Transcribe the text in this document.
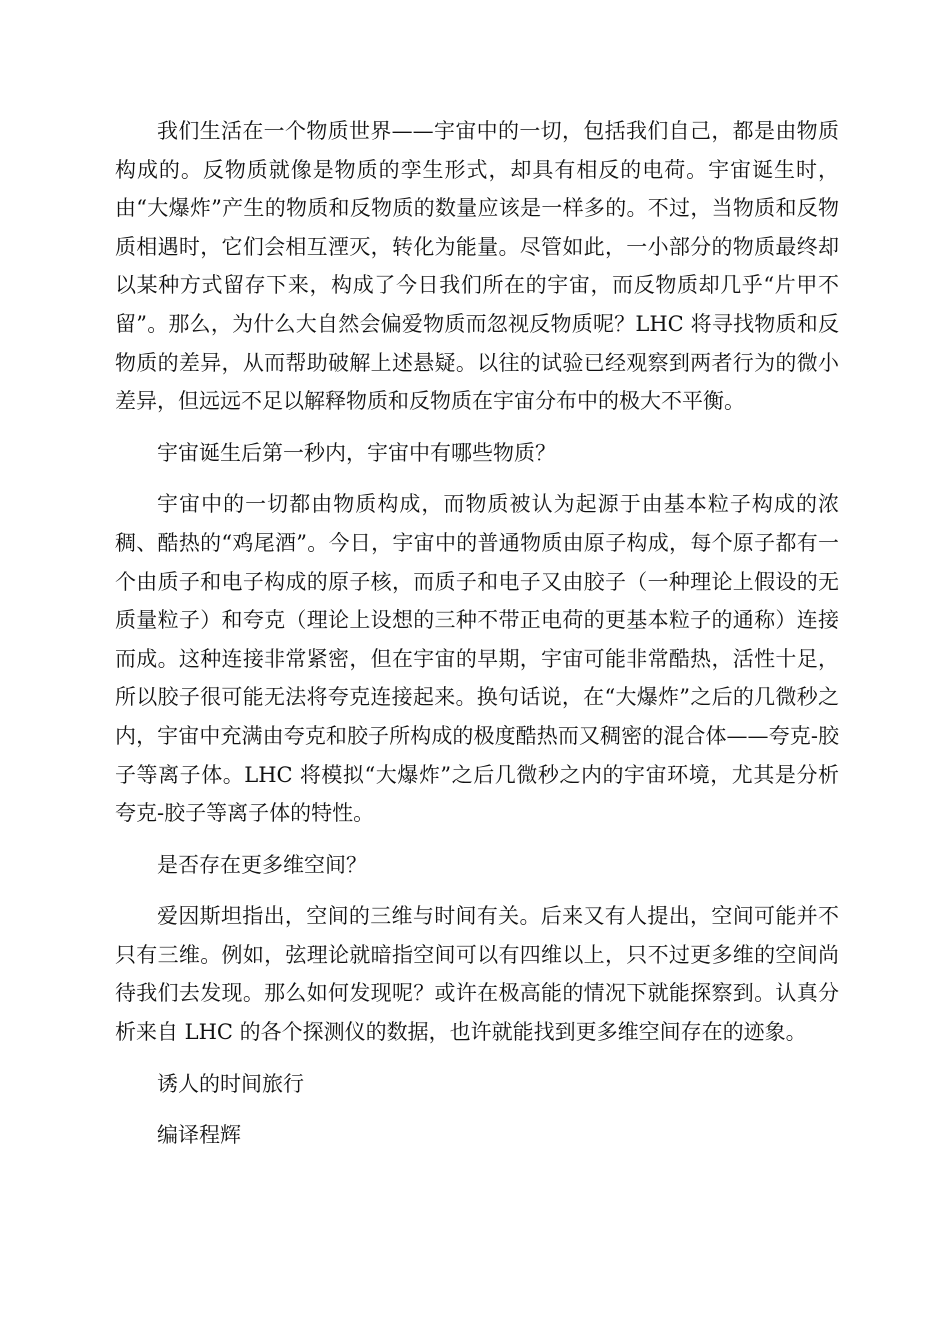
我们生活在一个物质世界——宇宙中的一切，包括我们自己，都是由物质构成的。反物质就像是物质的孪生形式，却具有相反的电荷。宇宙诞生时，由“大爆炸”产生的物质和反物质的数量应该是一样多的。不过，当物质和反物质相遇时，它们会相互湮灭，转化为能量。尽管如此，一小部分的物质最终却以某种方式留存下来，构成了今日我们所在的宇宙，而反物质却几乎“片甲不留”。那么，为什么大自然会偏爱物质而忽视反物质呢？LHC 将寻找物质和反物质的差异，从而帮助破解上述悬疑。以往的试验已经观察到两者行为的微小差异，但远远不足以解释物质和反物质在宇宙分布中的极大不平衡。

宇宙诞生后第一秒内，宇宙中有哪些物质？

宇宙中的一切都由物质构成，而物质被认为起源于由基本粒子构成的浓稠、酷热的“鸡尾酒”。今日，宇宙中的普通物质由原子构成，每个原子都有一个由质子和电子构成的原子核，而质子和电子又由胶子（一种理论上假设的无质量粒子）和夸克（理论上设想的三种不带正电荷的更基本粒子的通称）连接而成。这种连接非常紧密，但在宇宙的早期，宇宙可能非常酷热，活性十足，所以胶子很可能无法将夸克连接起来。换句话说，在“大爆炸”之后的几微秒之内，宇宙中充满由夸克和胶子所构成的极度酷热而又稠密的混合体——夸克-胶子等离子体。LHC 将模拟“大爆炸”之后几微秒之内的宇宙环境，尤其是分析夸克-胶子等离子体的特性。

是否存在更多维空间？

爱因斯坦指出，空间的三维与时间有关。后来又有人提出，空间可能并不只有三维。例如，弦理论就暗指空间可以有四维以上，只不过更多维的空间尚待我们去发现。那么如何发现呢？或许在极高能的情况下就能探察到。认真分析来自 LHC 的各个探测仪的数据，也许就能找到更多维空间存在的迹象。

诱人的时间旅行

编译程辉
